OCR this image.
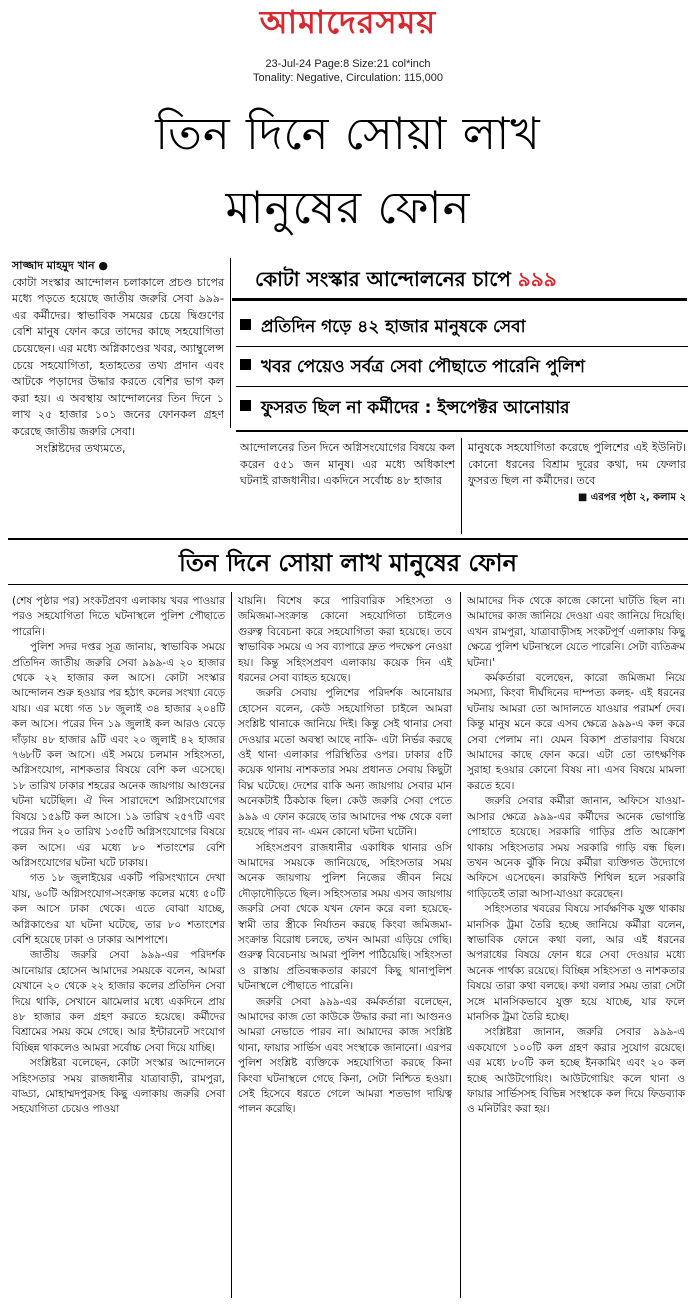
আমাদেরসময়
23-Jul-24 Page:8 Size:21 col*inch
Tonality: Negative, Circulation: 115,000
তিন দিনে সোয়া লাখ
মানুষের ফোন

সাজ্জাদ মাহমুদ খান ●

কোটা সংস্কার আন্দোলন চলাকালে প্রচণ্ড চাপের মধ্যে পড়তে হয়েছে জাতীয় জরুরি সেবা ৯৯৯-এর কর্মীদের। স্বাভাবিক সময়ের চেয়ে দ্বিগুণের বেশি মানুষ ফোন করে তাদের কাছে সহযোগিতা চেয়েছেন। এর মধ্যে অগ্নিকাণ্ডের খবর, অ্যাম্বুলেন্স চেয়ে সহযোগিতা, হতাহতের তথ্য প্রদান এবং আটকে পড়াদের উদ্ধার করতে বেশির ভাগ কল করা হয়। এ অবস্থায় আন্দোলনের তিন দিনে ১ লাখ ২৫ হাজার ১০১ জনের ফোনকল গ্রহণ করেছে জাতীয় জরুরি সেবা।

সংশ্লিষ্টদের তথ্যমতে,

কোটা সংস্কার আন্দোলনের চাপে ৯৯৯
প্রতিদিন গড়ে ৪২ হাজার মানুষকে সেবা
খবর পেয়েও সর্বত্র সেবা পৌছাতে পারেনি পুলিশ
ফুসরত ছিল না কর্মীদের : ইন্সপেক্টর আনোয়ার

আন্দোলনের তিন দিনে অগ্নিসংযোগের বিষয়ে কল করেন ৫৫১ জন মানুষ। এর মধ্যে অধিকাংশ ঘটনাই রাজধানীর। একদিনে সর্বোচ্চ ৪৮ হাজার

মানুষকে সহযোগিতা করেছে পুলিশের এই ইউনিট। কোনো ধরনের বিশ্রাম দূরের কথা, দম ফেলার ফুসরত ছিল না কর্মীদের। তবে

■ এরপর পৃষ্ঠা ২, কলাম ২

তিন দিনে সোয়া লাখ মানুষের ফোন

(শেষ পৃষ্ঠার পর) সংকটপ্রবণ এলাকায় খবর পাওয়ার পরও সহযোগিতা দিতে ঘটনাস্থলে পুলিশ পৌছাতে পারেনি।

পুলিশ সদর দপ্তর সূত্র জানায়, স্বাভাবিক সময়ে প্রতিদিন জাতীয় জরুরি সেবা ৯৯৯-এ ২০ হাজার থেকে ২২ হাজার কল আসে। কোটা সংস্কার আন্দোলন শুরু হওয়ার পর হঠাৎ কলের সংখ্যা বেড়ে যায়। এর মধ্যে গত ১৮ জুলাই ৩৪ হাজার ২০৪টি কল আসে। পরের দিন ১৯ জুলাই কল আরও বেড়ে দাঁড়ায় ৪৮ হাজার ৯টি এবং ২০ জুলাই ৪২ হাজার ৭৬৮টি কল আসে। এই সময়ে চলমান সহিংসতা, অগ্নিসংযোগ, নাশকতার বিষয়ে বেশি কল এসেছে। ১৮ তারিখ ঢাকার শহরের অনেক জায়গায় আগুনের ঘটনা ঘটেছিল। ঐ দিন সারাদেশে অগ্নিসংযোগের বিষয়ে ১৫৯টি কল আসে। ১৯ তারিখ ২৫৭টি এবং পরের দিন ২০ তারিখ ১৩৫টি অগ্নিসংযোগের বিষয়ে কল আসে। এর মধ্যে ৮০ শতাংশের বেশি অগ্নিসংযোগের ঘটনা ঘটে ঢাকায়।

গত ১৮ জুলাইয়ের একটি পরিসংখ্যানে দেখা যায়, ৬০টি অগ্নিসংযোগ-সংক্রান্ত কলের মধ্যে ৫০টি কল আসে ঢাকা থেকে। এতে বোঝা যাচ্ছে, অগ্নিকাণ্ডের যা ঘটনা ঘটেছে, তার ৮০ শতাংশের বেশি হয়েছে ঢাকা ও ঢাকার আশপাশে।

জাতীয় জরুরি সেবা ৯৯৯-এর পরিদর্শক আনোয়ার হোসেন আমাদের সময়কে বলেন, আমরা যেখানে ২০ থেকে ২২ হাজার কলের প্রতিদিন সেবা দিয়ে থাকি, সেখানে ঝামেলার মধ্যে একদিনে প্রায় ৪৮ হাজার কল গ্রহণ করতে হয়েছে। কর্মীদের বিশ্রামের সময় কমে গেছে। আর ইন্টারনেট সংযোগ বিচ্ছিন্ন থাকলেও আমরা সর্বোচ্চ সেবা দিয়ে যাচ্ছি।

সংশ্লিষ্টরা বলেছেন, কোটা সংস্কার আন্দোলনে সহিংসতার সময় রাজধানীর যাত্রাবাড়ী, রামপুরা, বাড্ডা, মোহাম্মদপুরসহ কিছু এলাকায় জরুরি সেবা সহযোগিতা চেয়েও পাওয়া

যায়নি। বিশেষ করে পারিবারিক সহিংসতা ও জমিজমা-সংক্রান্ত কোনো সহযোগিতা চাইলেও গুরুত্ব বিবেচনা করে সহযোগিতা করা হয়েছে। তবে স্বাভাবিক সময়ে এ সব ব্যাপারে দ্রুত পদক্ষেপ নেওয়া হয়। কিন্তু সহিংসপ্রবণ এলাকায় কয়েক দিন এই ধরনের সেবা ব্যাহত হয়েছে।

জরুরি সেবায় পুলিশের পরিদর্শক আনোয়ার হোসেন বলেন, কেউ সহযোগিতা চাইলে আমরা সংশ্লিষ্ট থানাকে জানিয়ে দিই। কিন্তু সেই থানার সেবা দেওয়ার মতো অবস্থা আছে নাকি- এটা নির্ভর করছে ওই থানা এলাকার পরিস্থিতির ওপর। ঢাকার ৫টি কয়েক থানায় নাশকতার সময় প্রধানত সেবায় কিছুটা বিঘ্ন ঘটেছে। দেশের বাকি অন্য জায়গায় সেবার মান অনেকটাই ঠিকঠাক ছিল। কেউ জরুরি সেবা পেতে ৯৯৯ এ ফোন করেছে তার আমাদের পক্ষ থেকে বলা হয়েছে পারব না- এমন কোনো ঘটনা ঘটেনি।

সহিংসপ্রবণ রাজধানীর একাধিক থানার ওসি আমাদের সময়কে জানিয়েছে, সহিংসতার সময় অনেক জায়গায় পুলিশ নিজের জীবন নিয়ে দৌড়াদৌড়িতে ছিল। সহিংসতার সময় এসব জায়গায় জরুরি সেবা থেকে যখন ফোন করে বলা হয়েছে- স্বামী তার স্ত্রীকে নির্যাতন করছে কিংবা জমিজমা-সংক্রান্ত বিরোধ চলছে, তখন আমরা এড়িয়ে গেছি। গুরুত্ব বিবেচনায় আমরা পুলিশ পাঠিয়েছি। সহিংসতা ও রাস্তায় প্রতিবন্ধকতার কারণে কিছু থানাপুলিশ ঘটনাস্থলে পৌছাতে পারেনি।

জরুরি সেবা ৯৯৯-এর কর্মকর্তারা বলেছেন, আমাদের কাজ তো কাউকে উদ্ধার করা না। আগুনও আমরা নেভাতে পারব না। আমাদের কাজ সংশ্লিষ্ট থানা, ফায়ার সার্ভিস এবং সংস্থাকে জানানো। এরপর পুলিশ সংশ্লিষ্ট ব্যক্তিকে সহযোগিতা করছে কিনা কিংবা ঘটনাস্থলে গেছে কিনা, সেটা নিশ্চিত হওয়া। সেই হিসেবে ধরতে গেলে আমরা শতভাগ দায়িত্ব পালন করেছি।

আমাদের দিক থেকে কাজে কোনো ঘাটতি ছিল না। আমাদের কাজ জানিয়ে দেওয়া এবং জানিয়ে দিয়েছি। এখন রামপুরা, যাত্রাবাড়ীসহ সংকটপূর্ণ এলাকায় কিছু ক্ষেত্রে পুলিশ ঘটনাস্থলে যেতে পারেনি। সেটা ব্যতিক্রম ঘটনা।'

কর্মকর্তারা বলেছেন, কারো জমিজমা নিয়ে সমস্যা, কিংবা দীর্ঘদিনের দাম্পত্য কলহ- এই ধরনের ঘটনায় আমরা তো আদালতে যাওয়ার পরামর্শ দেব। কিন্তু মানুষ মনে করে এসব ক্ষেত্রে ৯৯৯-এ কল করে সেবা পেলাম না। যেমন বিকাশ প্রতারণার বিষয়ে আমাদের কাছে ফোন করে। এটা তো তাৎক্ষণিক সুরাহা হওয়ার কোনো বিষয় না। এসব বিষয়ে মামলা করতে হবে।

জরুরি সেবার কর্মীরা জানান, অফিসে যাওয়া-আসার ক্ষেত্রে ৯৯৯-এর কর্মীদের অনেক ভোগান্তি পোহাতে হয়েছে। সরকারি গাড়ির প্রতি আক্রোশ থাকায় সহিংসতার সময় সরকারি গাড়ি বন্ধ ছিল। তখন অনেক ঝুঁকি নিয়ে কর্মীরা ব্যক্তিগত উদ্যোগে অফিসে এসেছেন। কারফিউ শিথিল হলে সরকারি গাড়িতেই তারা আসা-যাওয়া করেছেন।

সহিংসতার খবরের বিষয়ে সার্বক্ষণিক যুক্ত থাকায় মানসিক ট্রমা তৈরি হচ্ছে জানিয়ে কর্মীরা বলেন, স্বাভাবিক ফোনে কথা বলা, আর এই ধরনের অপরাধের বিষয়ে ফোন ধরে সেবা দেওয়ার মধ্যে অনেক পার্থক্য রয়েছে। বিচ্ছিন্ন সহিংসতা ও নাশকতার বিষয়ে তারা কথা বলছে। কথা বলার সময় তারা সেটা সঙ্গে মানসিকভাবে যুক্ত হয়ে যাচ্ছে, যার ফলে মানসিক ট্রমা তৈরি হচ্ছে।

সংশ্লিষ্টরা জানান, জরুরি সেবার ৯৯৯-এ একযোগে ১০০টি কল গ্রহণ করার সুযোগ রয়েছে। এর মধ্যে ৮০টি কল হচ্ছে ইনকামিং এবং ২০ কল হচ্ছে আউটগোয়িং। আউটগোয়িং কলে থানা ও ফায়ার সার্ভিসসহ বিভিন্ন সংস্থাকে কল দিয়ে ফিডব্যাক ও মনিটরিং করা হয়।
